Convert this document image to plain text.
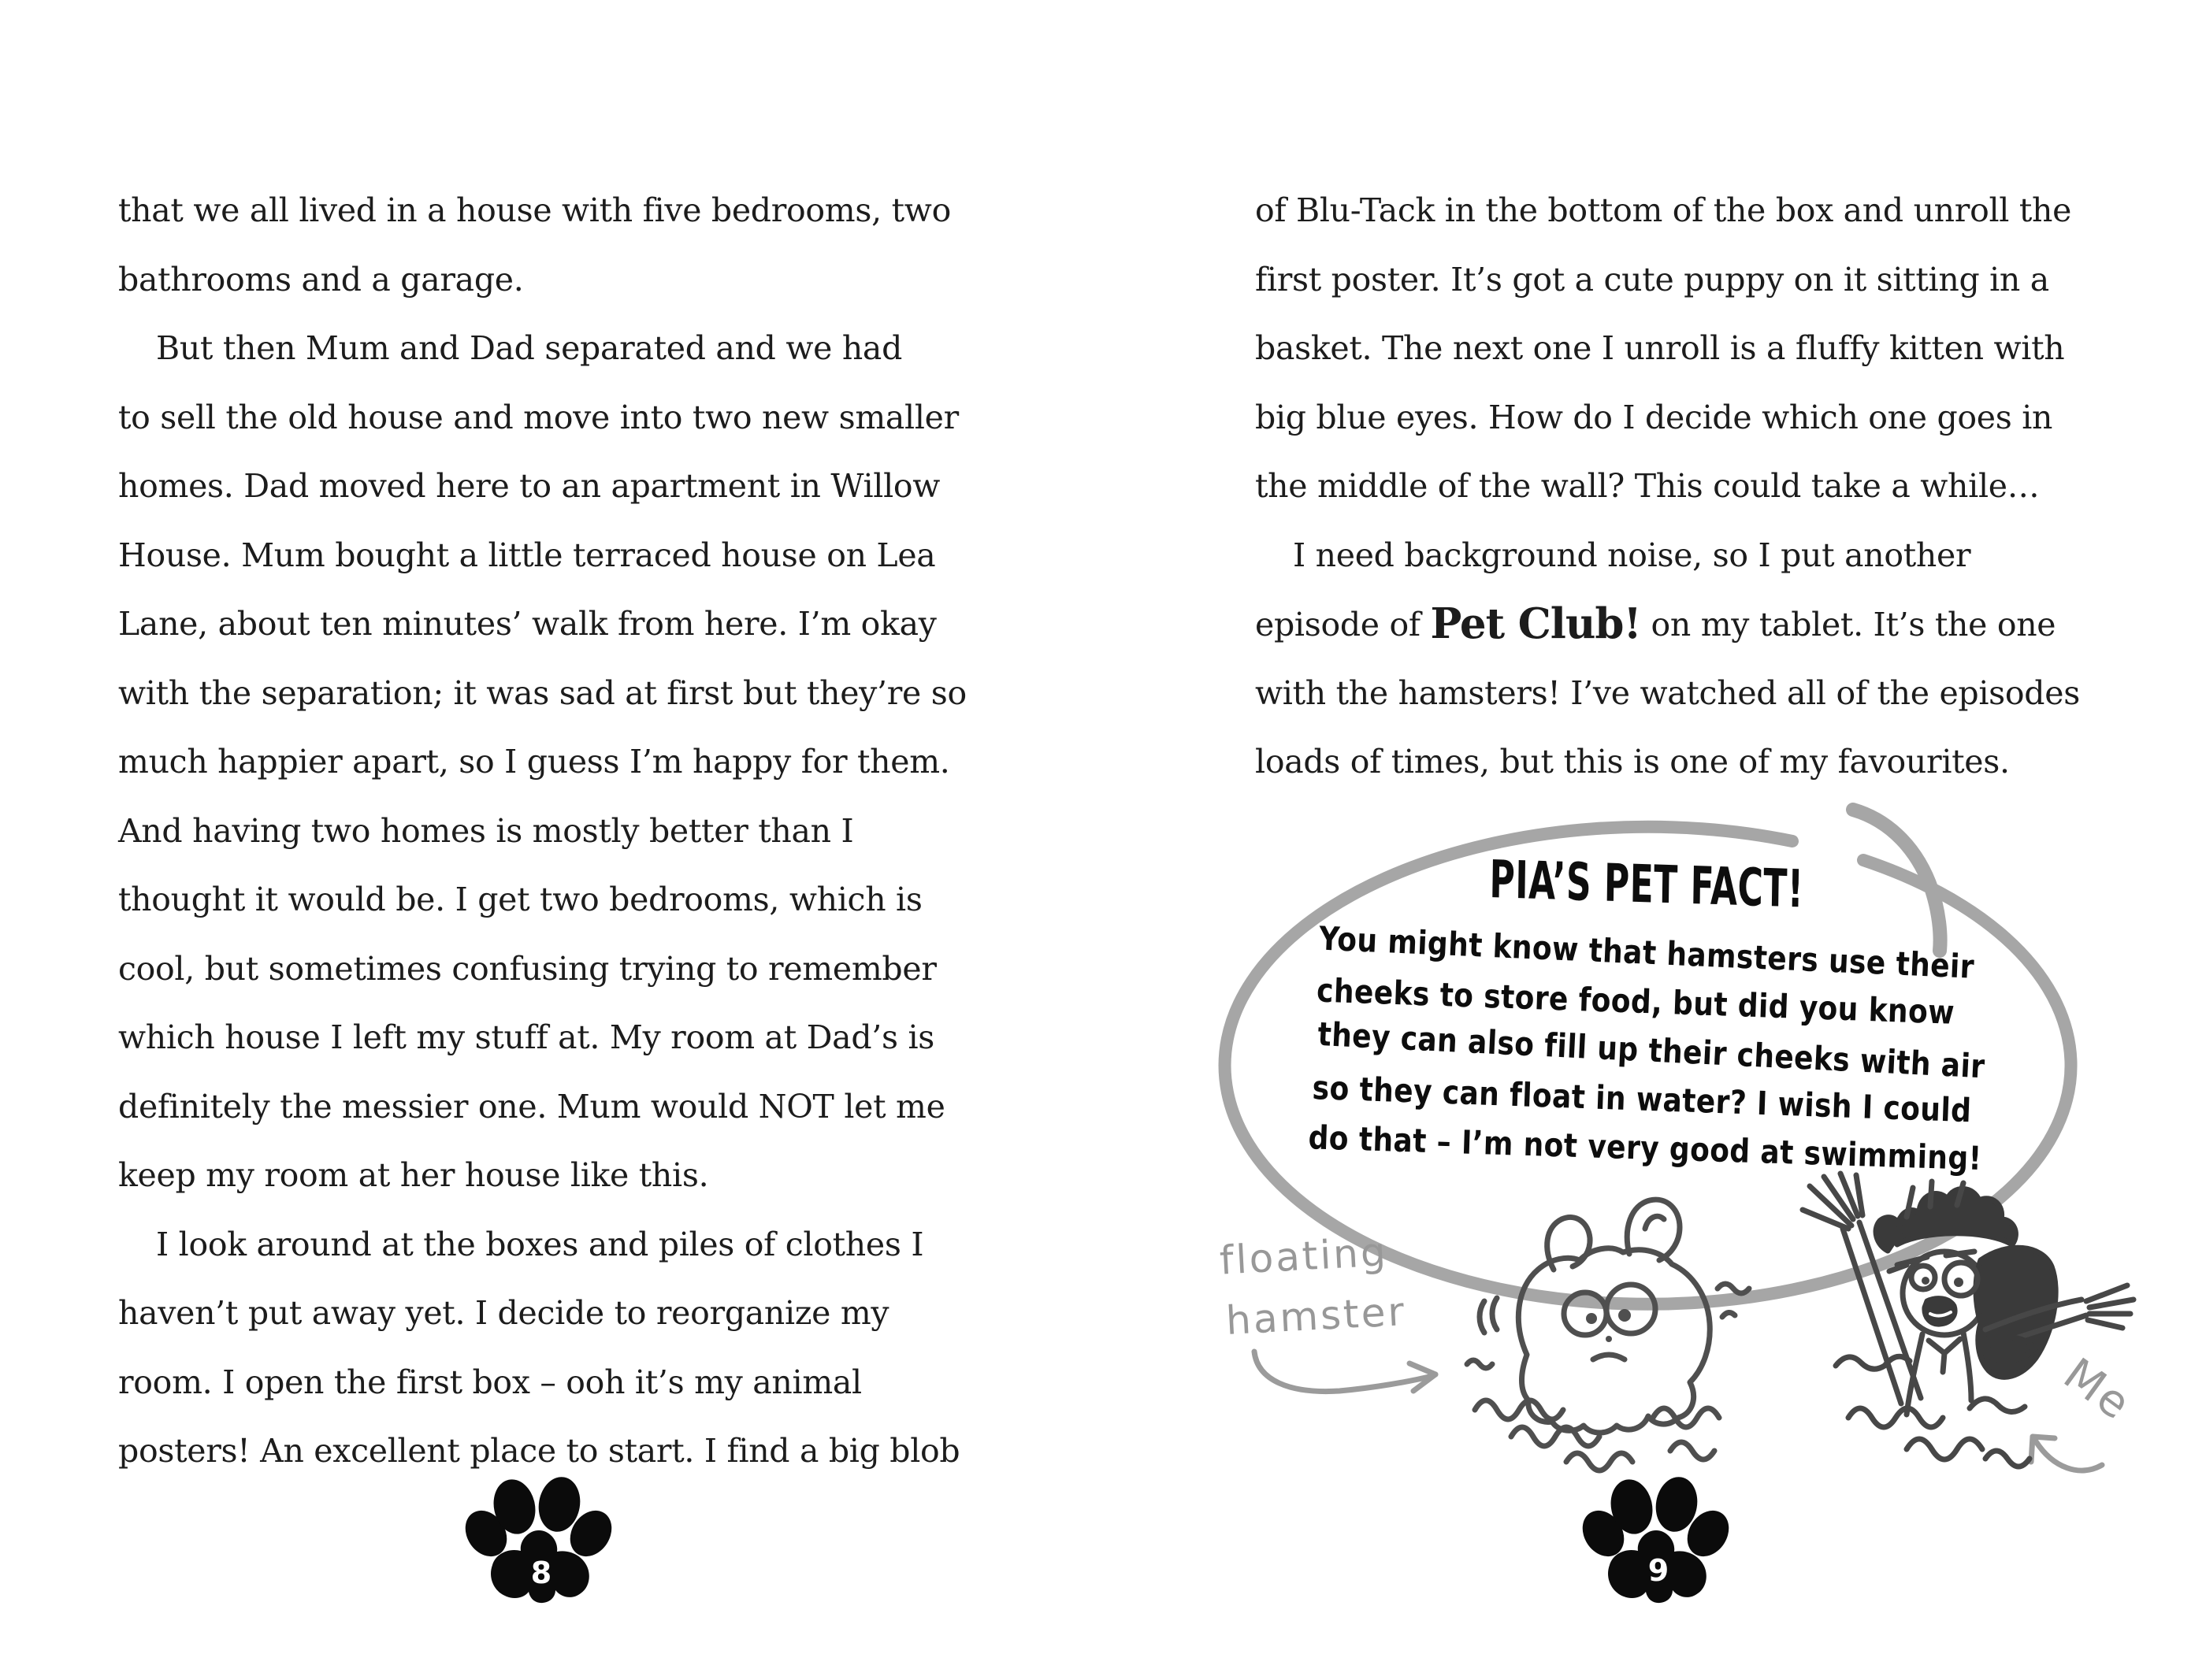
that we all lived in a house with five bedrooms, two
bathrooms and a garage.
But then Mum and Dad separated and we had
to sell the old house and move into two new smaller
homes. Dad moved here to an apartment in Willow
House. Mum bought a little terraced house on Lea
Lane, about ten minutes’ walk from here. I’m okay
with the separation; it was sad at first but they’re so
much happier apart, so I guess I’m happy for them.
And having two homes is mostly better than I
thought it would be. I get two bedrooms, which is
cool, but sometimes confusing trying to remember
which house I left my stuff at. My room at Dad’s is
definitely the messier one. Mum would NOT let me
keep my room at her house like this.
I look around at the boxes and piles of clothes I
haven’t put away yet. I decide to reorganize my
room. I open the first box – ooh it’s my animal
posters! An excellent place to start. I find a big blob
of Blu-Tack in the bottom of the box and unroll the
first poster. It’s got a cute puppy on it sitting in a
basket. The next one I unroll is a fluffy kitten with
big blue eyes. How do I decide which one goes in
the middle of the wall? This could take a while…
I need background noise, so I put another
episode of Pet Club! on my tablet. It’s the one
with the hamsters! I’ve watched all of the episodes
loads of times, but this is one of my favourites.
PIA’S PET FACT!
You might know that hamsters use their
cheeks to store food, but did you know
they can also fill up their cheeks with air
so they can float in water? I wish I could
do that – I’m not very good at swimming!
floating
hamster
Me
8	9
